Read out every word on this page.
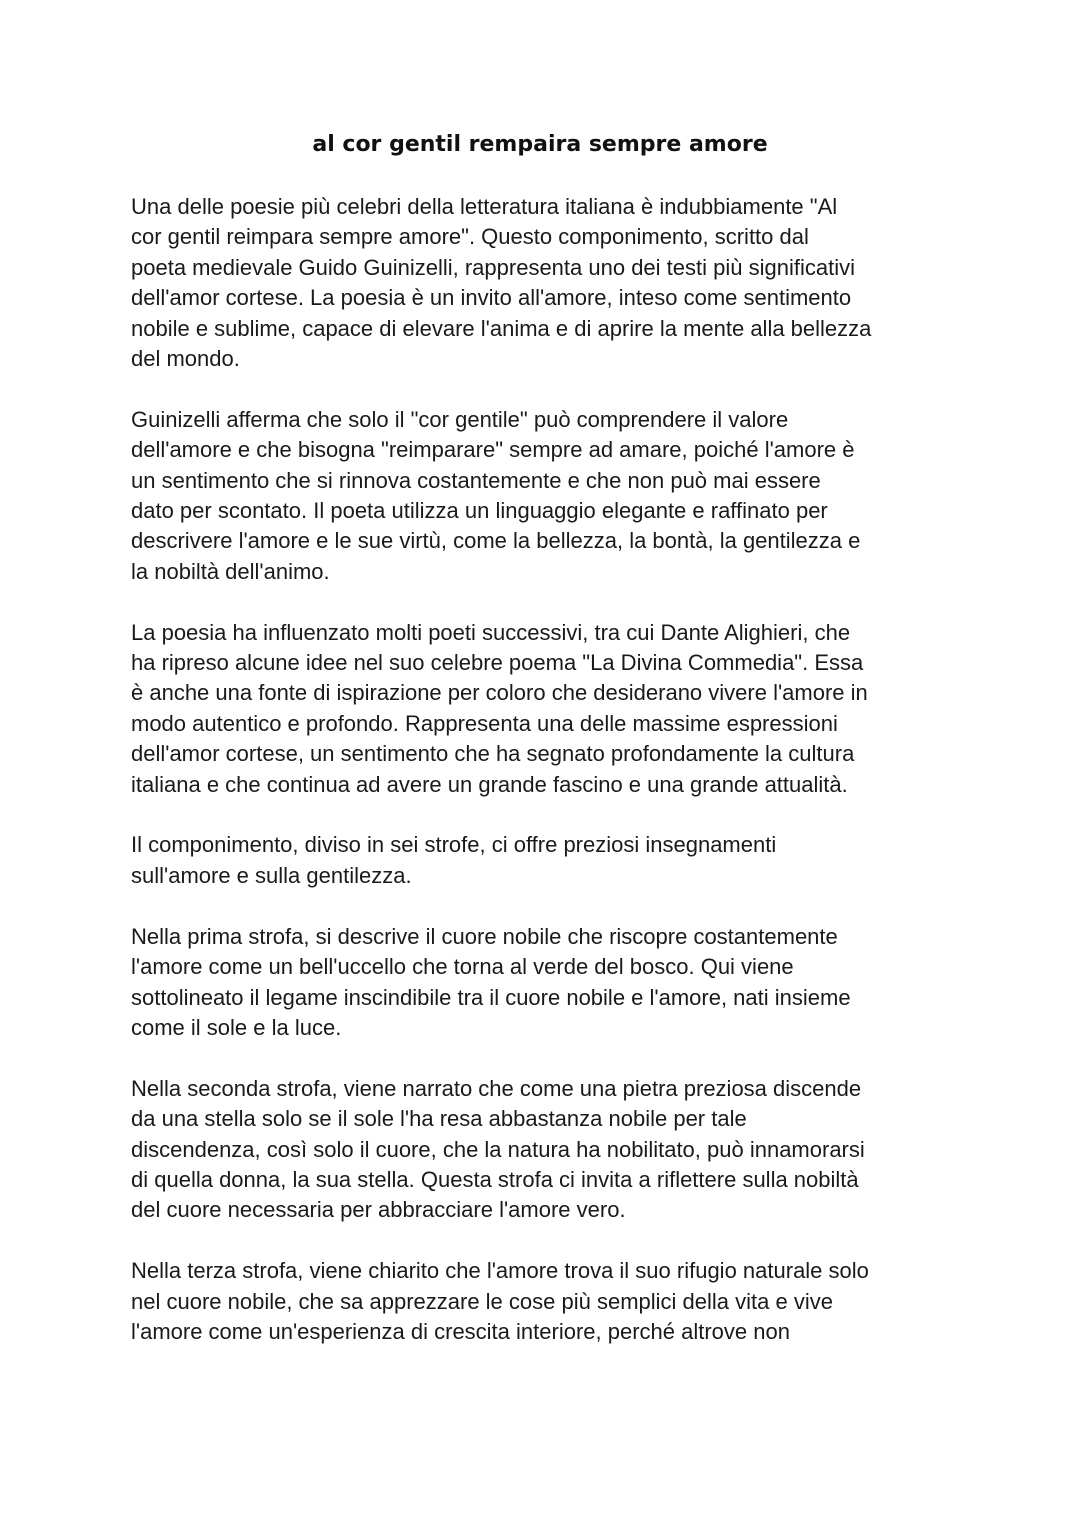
al cor gentil rempaira sempre amore

Una delle poesie più celebri della letteratura italiana è indubbiamente "Al
cor gentil reimpara sempre amore". Questo componimento, scritto dal
poeta medievale Guido Guinizelli, rappresenta uno dei testi più significativi
dell'amor cortese. La poesia è un invito all'amore, inteso come sentimento
nobile e sublime, capace di elevare l'anima e di aprire la mente alla bellezza
del mondo.

Guinizelli afferma che solo il "cor gentile" può comprendere il valore
dell'amore e che bisogna "reimparare" sempre ad amare, poiché l'amore è
un sentimento che si rinnova costantemente e che non può mai essere
dato per scontato. Il poeta utilizza un linguaggio elegante e raffinato per
descrivere l'amore e le sue virtù, come la bellezza, la bontà, la gentilezza e
la nobiltà dell'animo.

La poesia ha influenzato molti poeti successivi, tra cui Dante Alighieri, che
ha ripreso alcune idee nel suo celebre poema "La Divina Commedia". Essa
è anche una fonte di ispirazione per coloro che desiderano vivere l'amore in
modo autentico e profondo. Rappresenta una delle massime espressioni
dell'amor cortese, un sentimento che ha segnato profondamente la cultura
italiana e che continua ad avere un grande fascino e una grande attualità.

Il componimento, diviso in sei strofe, ci offre preziosi insegnamenti
sull'amore e sulla gentilezza.

Nella prima strofa, si descrive il cuore nobile che riscopre costantemente
l'amore come un bell'uccello che torna al verde del bosco. Qui viene
sottolineato il legame inscindibile tra il cuore nobile e l'amore, nati insieme
come il sole e la luce.

Nella seconda strofa, viene narrato che come una pietra preziosa discende
da una stella solo se il sole l'ha resa abbastanza nobile per tale
discendenza, così solo il cuore, che la natura ha nobilitato, può innamorarsi
di quella donna, la sua stella. Questa strofa ci invita a riflettere sulla nobiltà
del cuore necessaria per abbracciare l'amore vero.

Nella terza strofa, viene chiarito che l'amore trova il suo rifugio naturale solo
nel cuore nobile, che sa apprezzare le cose più semplici della vita e vive
l'amore come un'esperienza di crescita interiore, perché altrove non
